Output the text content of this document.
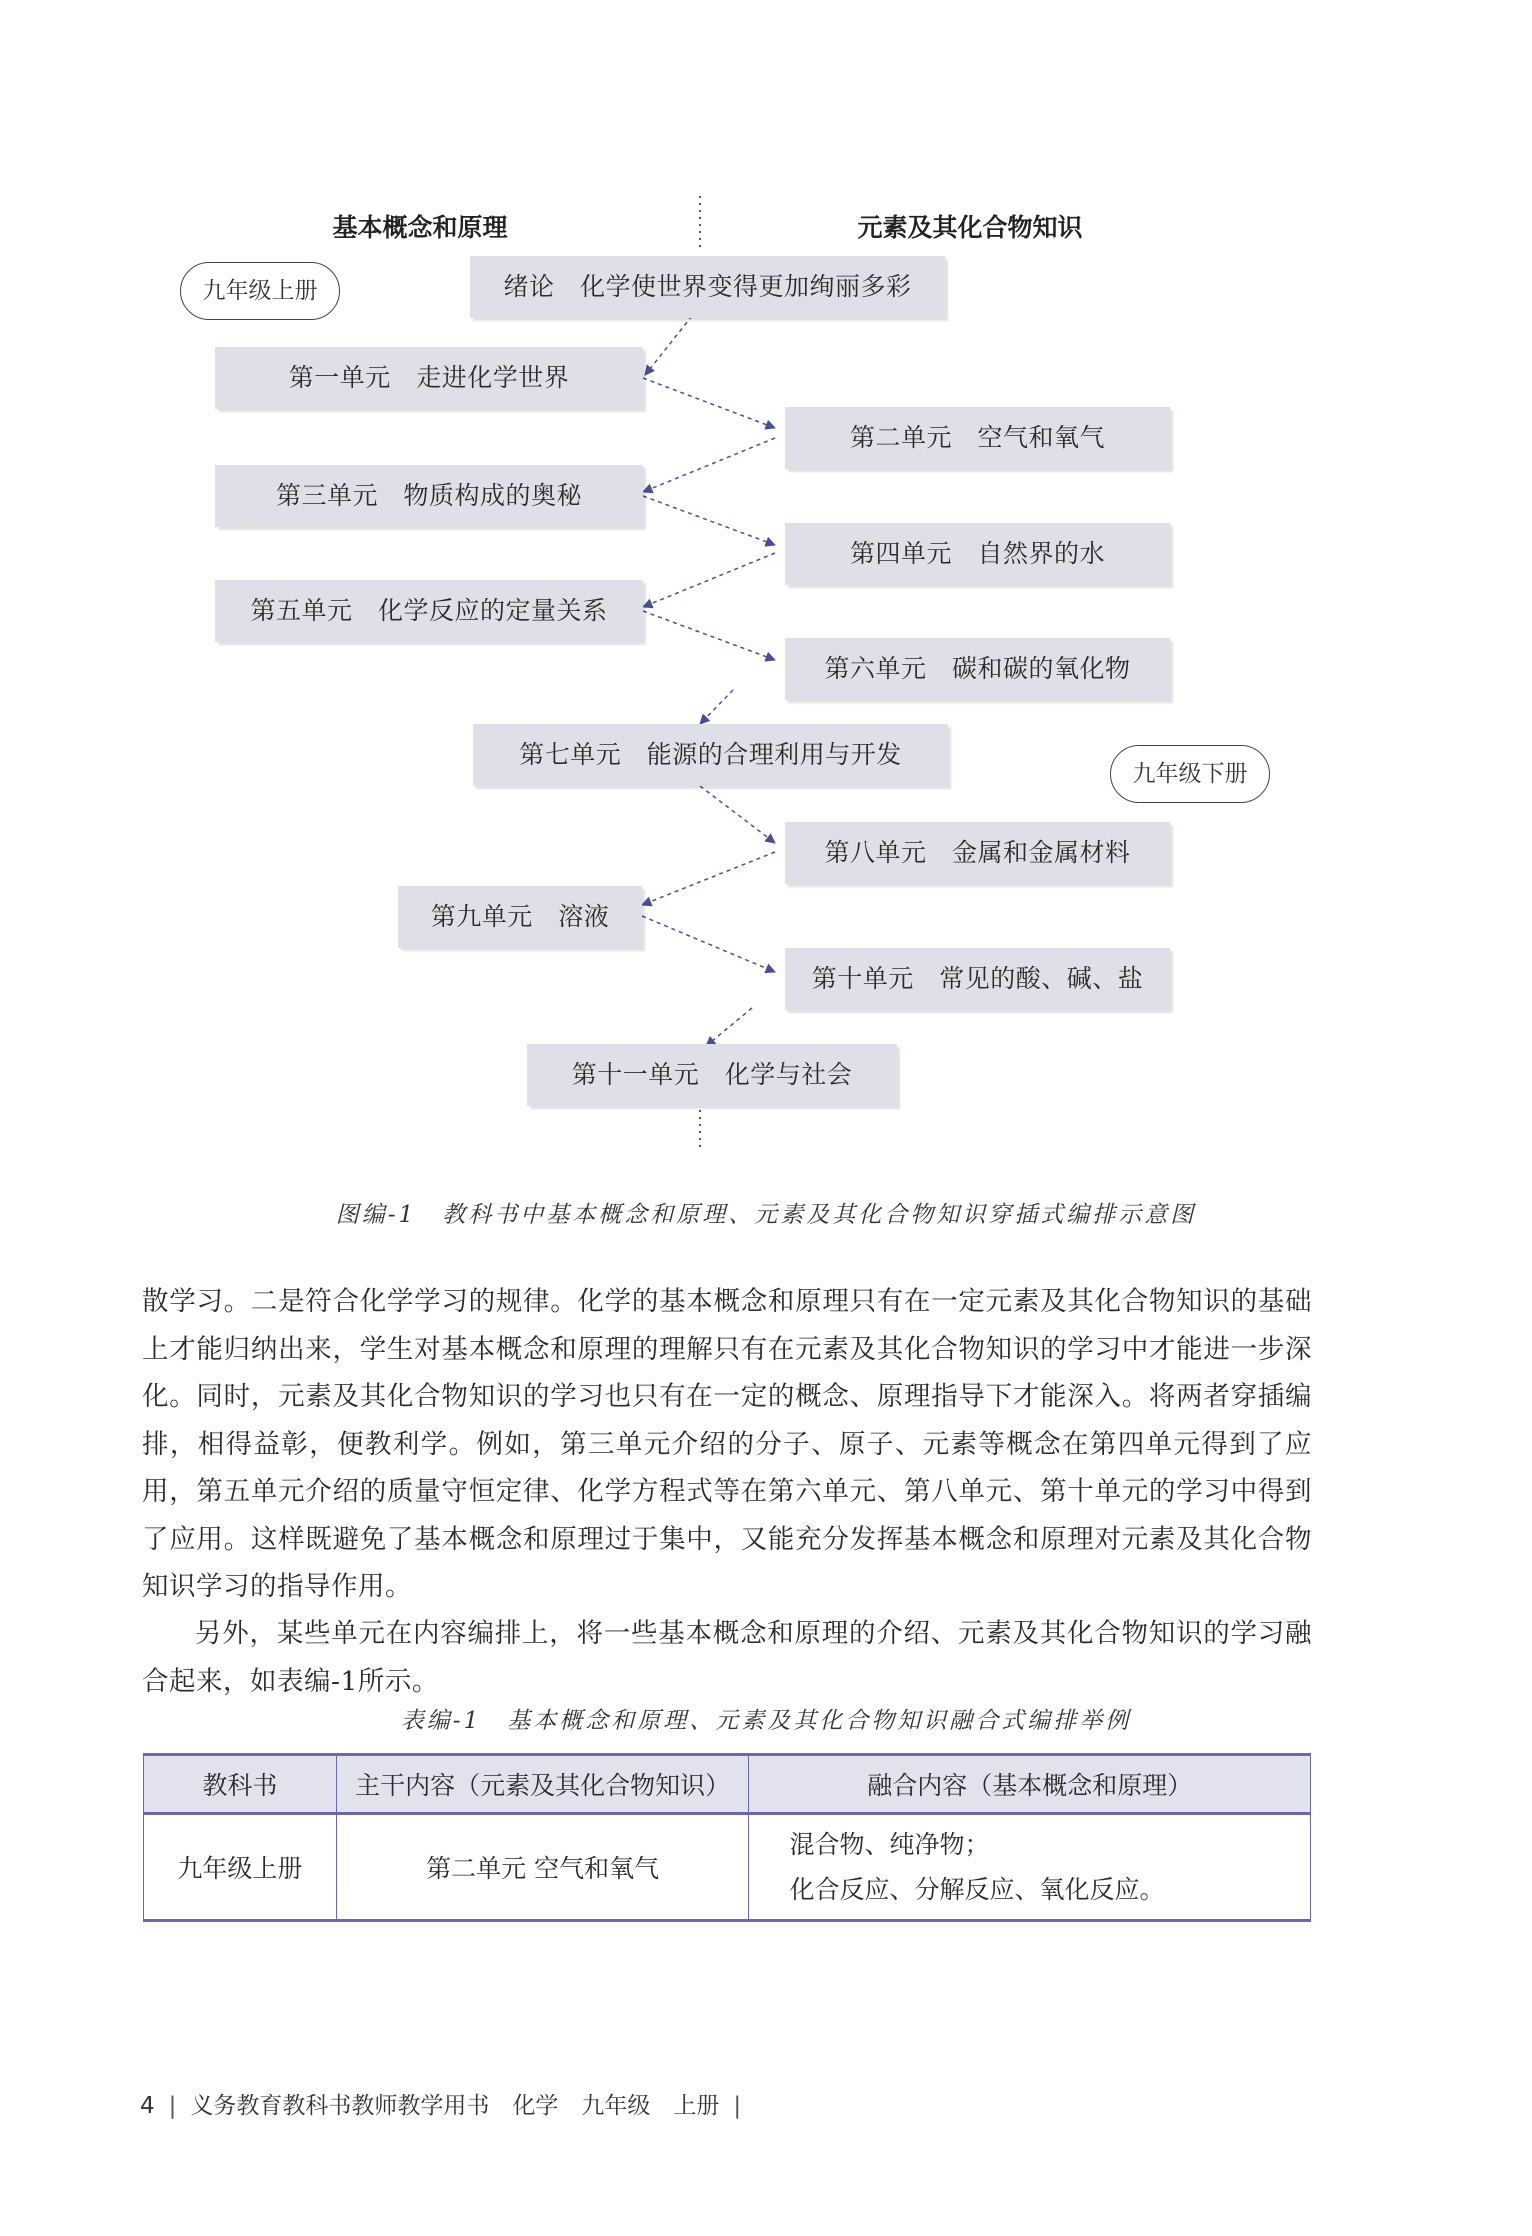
基本概念和原理	元素及其化合物知识
九年级上册
九年级下册
绪论　化学使世界变得更加绚丽多彩
第一单元　走进化学世界
第二单元　空气和氧气
第三单元　物质构成的奥秘
第四单元　自然界的水
第五单元　化学反应的定量关系
第六单元　碳和碳的氧化物
第七单元　能源的合理利用与开发
第八单元　金属和金属材料
第九单元　溶液
第十单元　常见的酸、碱、盐
第十一单元　化学与社会
图编-1　教科书中基本概念和原理、元素及其化合物知识穿插式编排示意图

散学习。二是符合化学学习的规律。化学的基本概念和原理只有在一定元素及其化合物知识的基础上才能归纳出来，学生对基本概念和原理的理解只有在元素及其化合物知识的学习中才能进一步深化。同时，元素及其化合物知识的学习也只有在一定的概念、原理指导下才能深入。将两者穿插编排，相得益彰，便教利学。例如，第三单元介绍的分子、原子、元素等概念在第四单元得到了应用，第五单元介绍的质量守恒定律、化学方程式等在第六单元、第八单元、第十单元的学习中得到了应用。这样既避免了基本概念和原理过于集中，又能充分发挥基本概念和原理对元素及其化合物知识学习的指导作用。

另外，某些单元在内容编排上，将一些基本概念和原理的介绍、元素及其化合物知识的学习融合起来，如表编-1所示。

表编-1　基本概念和原理、元素及其化合物知识融合式编排举例
教科书	主干内容（元素及其化合物知识）	融合内容（基本概念和原理）
九年级上册	第二单元 空气和氧气	混合物、纯净物；
化合反应、分解反应、氧化反应。
4 | 义务教育教科书教师教学用书　化学　九年级　上册 |
